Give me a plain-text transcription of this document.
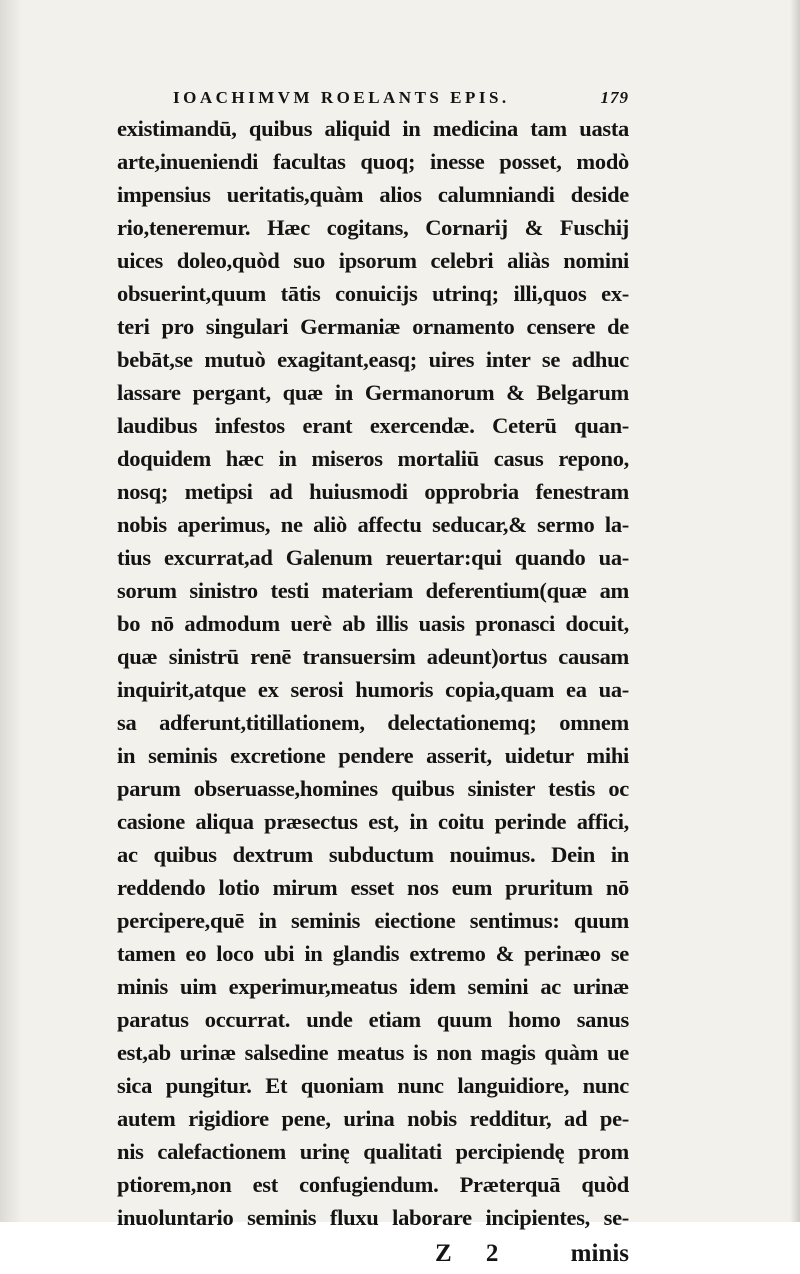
IOACHIMVM ROELANTS EPIS.	179
existimandū, quibus aliquid in medicina tam uasta
arte,inueniendi facultas quoq; inesse posset, modò
impensius ueritatis,quàm alios calumniandi deside
rio,teneremur. Hæc cogitans, Cornarij & Fuschij
uices doleo,quòd suo ipsorum celebri aliàs nomini
obsuerint,quum tātis conuicijs utrinq; illi,quos ex-
teri pro singulari Germaniæ ornamento censere de
bebāt,se mutuò exagitant,easq; uires inter se adhuc
lassare pergant, quæ in Germanorum & Belgarum
laudibus infestos erant exercendæ. Ceterū quan-
doquidem hæc in miseros mortaliū casus repono,
nosq; metipsi ad huiusmodi opprobria fenestram
nobis aperimus, ne aliò affectu seducar,& sermo la-
tius excurrat,ad Galenum reuertar:qui quando ua-
sorum sinistro testi materiam deferentium(quæ am
bo nō admodum uerè ab illis uasis pronasci docuit,
quæ sinistrū renē transuersim adeunt)ortus causam
inquirit,atque ex serosi humoris copia,quam ea ua-
sa adferunt,titillationem, delectationemq; omnem
in seminis excretione pendere asserit, uidetur mihi
parum obseruasse,homines quibus sinister testis oc
casione aliqua præsectus est, in coitu perinde affici,
ac quibus dextrum subductum nouimus. Dein in
reddendo lotio mirum esset nos eum pruritum nō
percipere,quē in seminis eiectione sentimus: quum
tamen eo loco ubi in glandis extremo & perinæo se
minis uim experimur,meatus idem semini ac urinæ
paratus occurrat. unde etiam quum homo sanus
est,ab urinæ salsedine meatus is non magis quàm ue
sica pungitur. Et quoniam nunc languidiore, nunc
autem rigidiore pene, urina nobis redditur, ad pe-
nis calefactionem urinę qualitati percipiendę prom
ptiorem,non est confugiendum. Præterquā quòd
inuoluntario seminis fluxu laborare incipientes, se-
Z 2 minis
